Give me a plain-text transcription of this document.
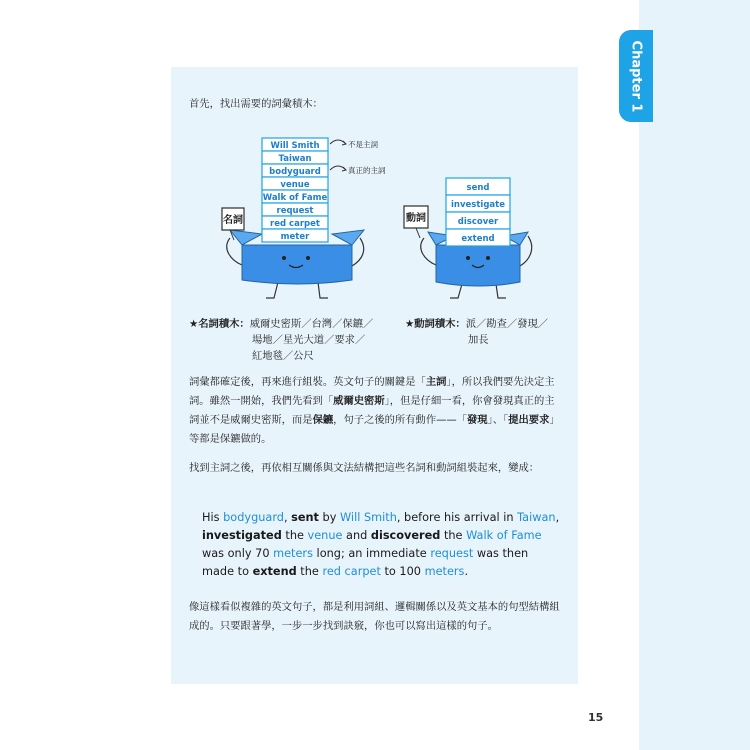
Chapter 1
首先，找出需要的詞彙積木：
名詞
Will Smith
Taiwan
bodyguard
venue
Walk of Fame
request
red carpet
meter
不是主詞
真正的主詞
動詞
send
investigate
discover
extend
★名詞積木：威爾史密斯／台灣／保鑣／
場地／星光大道／要求／
紅地毯／公尺
★動詞積木：派／勘查／發現／
加長
詞彙都確定後，再來進行組裝。英文句子的關鍵是「主詞」，所以我們要先決定主詞。雖然一開始，我們先看到「威爾史密斯」，但是仔細一看，你會發現真正的主詞並不是威爾史密斯，而是保鑣，句子之後的所有動作——「發現」、「提出要求」等都是保鑣做的。
找到主詞之後，再依相互關係與文法結構把這些名詞和動詞組裝起來，變成：
His bodyguard, sent by Will Smith, before his arrival in Taiwan, investigated the venue and discovered the Walk of Fame was only 70 meters long; an immediate request was then made to extend the red carpet to 100 meters.
像這樣看似複雜的英文句子，都是利用詞組、邏輯關係以及英文基本的句型結構組成的。只要跟著學，一步一步找到訣竅，你也可以寫出這樣的句子。
15
